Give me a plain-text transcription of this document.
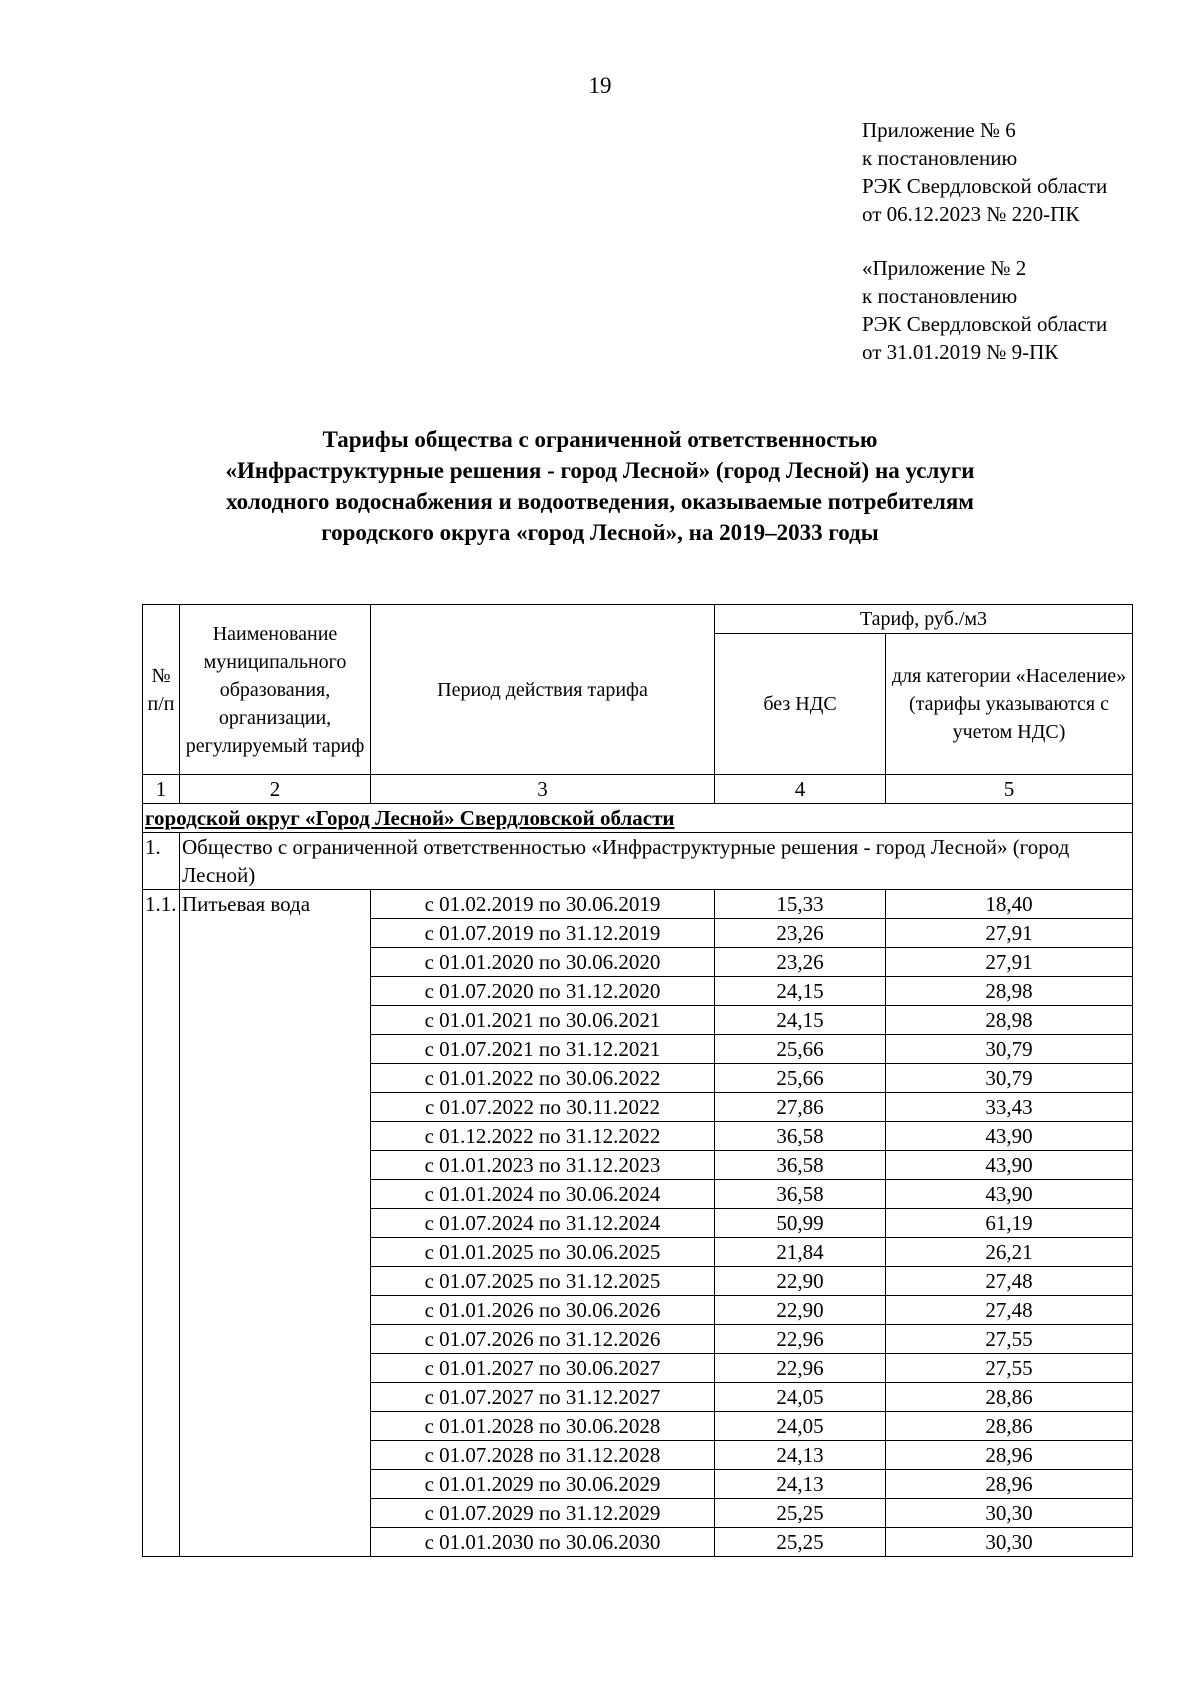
19
Приложение № 6
к постановлению
РЭК Свердловской области
от 06.12.2023 № 220-ПК
«Приложение № 2
к постановлению
РЭК Свердловской области
от 31.01.2019 № 9-ПК
Тарифы общества с ограниченной ответственностью
«Инфраструктурные решения - город Лесной» (город Лесной) на услуги
холодного водоснабжения и водоотведения, оказываемые потребителям
городского округа «город Лесной», на 2019–2033 годы
№ п/п	Наименование муниципального образования, организации, регулируемый тариф	Период действия тарифа	Тариф, руб./м3	
			без НДС	для категории «Население» (тарифы указываются с учетом НДС)
1	2	3	4	5
городской округ «Город Лесной» Свердловской области				
1.	Общество с ограниченной ответственностью «Инфраструктурные решения - город Лесной» (город Лесной)			
1.1.	Питьевая вода	с 01.02.2019 по 30.06.2019	15,33	18,40
		с 01.07.2019 по 31.12.2019	23,26	27,91
		с 01.01.2020 по 30.06.2020	23,26	27,91
		с 01.07.2020 по 31.12.2020	24,15	28,98
		с 01.01.2021 по 30.06.2021	24,15	28,98
		с 01.07.2021 по 31.12.2021	25,66	30,79
		с 01.01.2022 по 30.06.2022	25,66	30,79
		с 01.07.2022 по 30.11.2022	27,86	33,43
		с 01.12.2022 по 31.12.2022	36,58	43,90
		с 01.01.2023 по 31.12.2023	36,58	43,90
		с 01.01.2024 по 30.06.2024	36,58	43,90
		с 01.07.2024 по 31.12.2024	50,99	61,19
		с 01.01.2025 по 30.06.2025	21,84	26,21
		с 01.07.2025 по 31.12.2025	22,90	27,48
		с 01.01.2026 по 30.06.2026	22,90	27,48
		с 01.07.2026 по 31.12.2026	22,96	27,55
		с 01.01.2027 по 30.06.2027	22,96	27,55
		с 01.07.2027 по 31.12.2027	24,05	28,86
		с 01.01.2028 по 30.06.2028	24,05	28,86
		с 01.07.2028 по 31.12.2028	24,13	28,96
		с 01.01.2029 по 30.06.2029	24,13	28,96
		с 01.07.2029 по 31.12.2029	25,25	30,30
		с 01.01.2030 по 30.06.2030	25,25	30,30
